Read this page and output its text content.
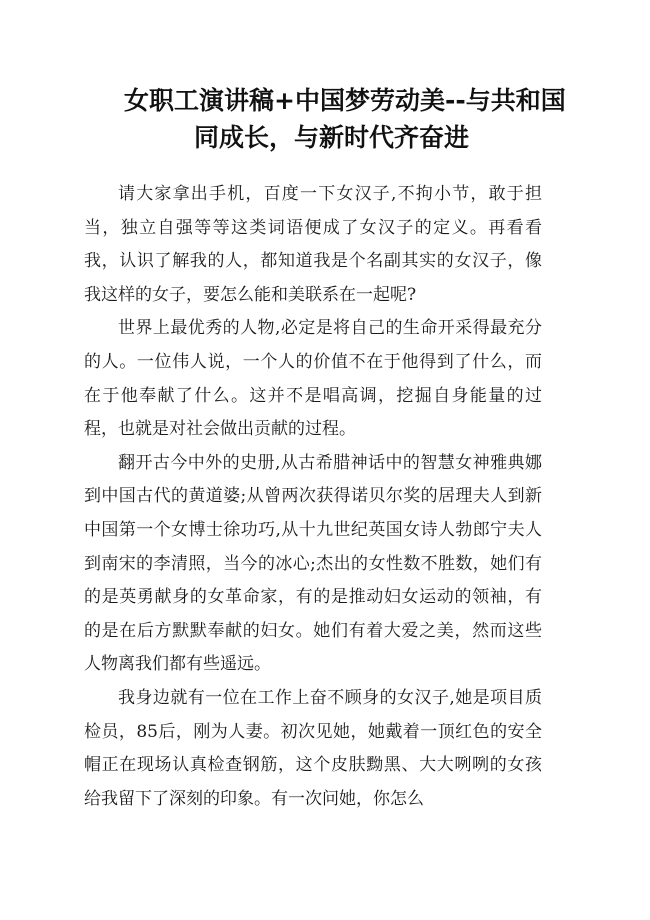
女职工演讲稿+中国梦劳动美--与共和国
同成长，与新时代齐奋进

请大家拿出手机，百度一下女汉子,不拘小节，敢于担当，独立自强等等这类词语便成了女汉子的定义。再看看我，认识了解我的人，都知道我是个名副其实的女汉子，像我这样的女子，要怎么能和美联系在一起呢?

世界上最优秀的人物,必定是将自己的生命开采得最充分的人。一位伟人说，一个人的价值不在于他得到了什么，而在于他奉献了什么。这并不是唱高调，挖掘自身能量的过程，也就是对社会做出贡献的过程。

翻开古今中外的史册,从古希腊神话中的智慧女神雅典娜到中国古代的黄道婆;从曾两次获得诺贝尔奖的居理夫人到新中国第一个女博士徐功巧,从十九世纪英国女诗人勃郎宁夫人到南宋的李清照，当今的冰心;杰出的女性数不胜数，她们有的是英勇献身的女革命家，有的是推动妇女运动的领袖，有的是在后方默默奉献的妇女。她们有着大爱之美，然而这些人物离我们都有些遥远。

我身边就有一位在工作上奋不顾身的女汉子,她是项目质检员，85后，刚为人妻。初次见她，她戴着一顶红色的安全帽正在现场认真检查钢筋，这个皮肤黝黑、大大咧咧的女孩给我留下了深刻的印象。有一次问她，你怎么
